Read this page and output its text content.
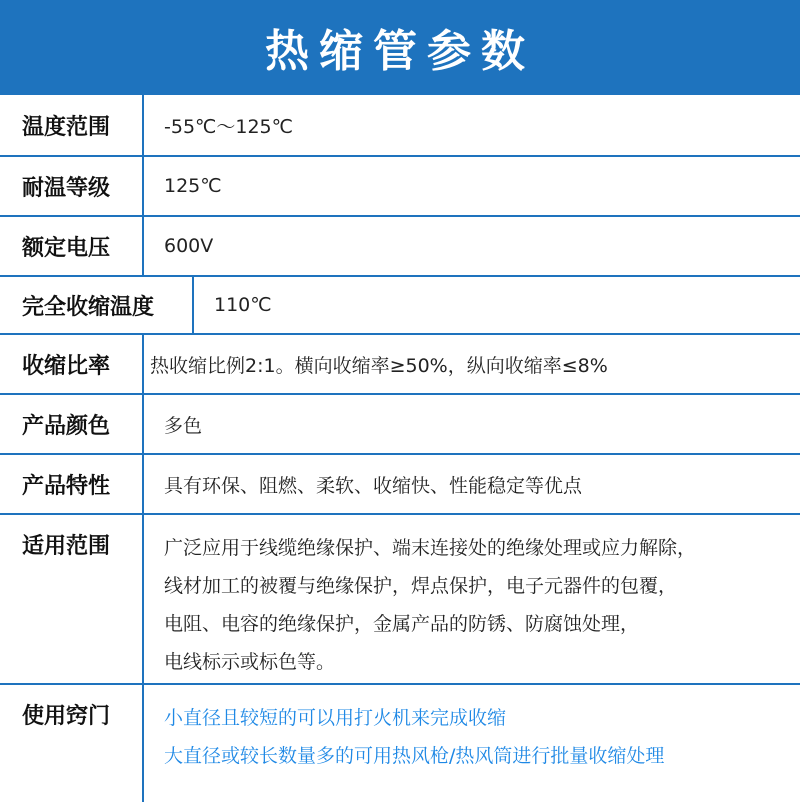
热缩管参数
温度范围	-55℃～125℃
耐温等级	125℃
额定电压	600V
完全收缩温度	110℃
收缩比率	热收缩比例2:1。横向收缩率≥50%，纵向收缩率≤8%
产品颜色	多色
产品特性	具有环保、阻燃、柔软、收缩快、性能稳定等优点
适用范围	广泛应用于线缆绝缘保护、端末连接处的绝缘处理或应力解除，
线材加工的被覆与绝缘保护，焊点保护，电子元器件的包覆，
电阻、电容的绝缘保护，金属产品的防锈、防腐蚀处理，
电线标示或标色等。
使用窍门	小直径且较短的可以用打火机来完成收缩
大直径或较长数量多的可用热风枪/热风筒进行批量收缩处理
